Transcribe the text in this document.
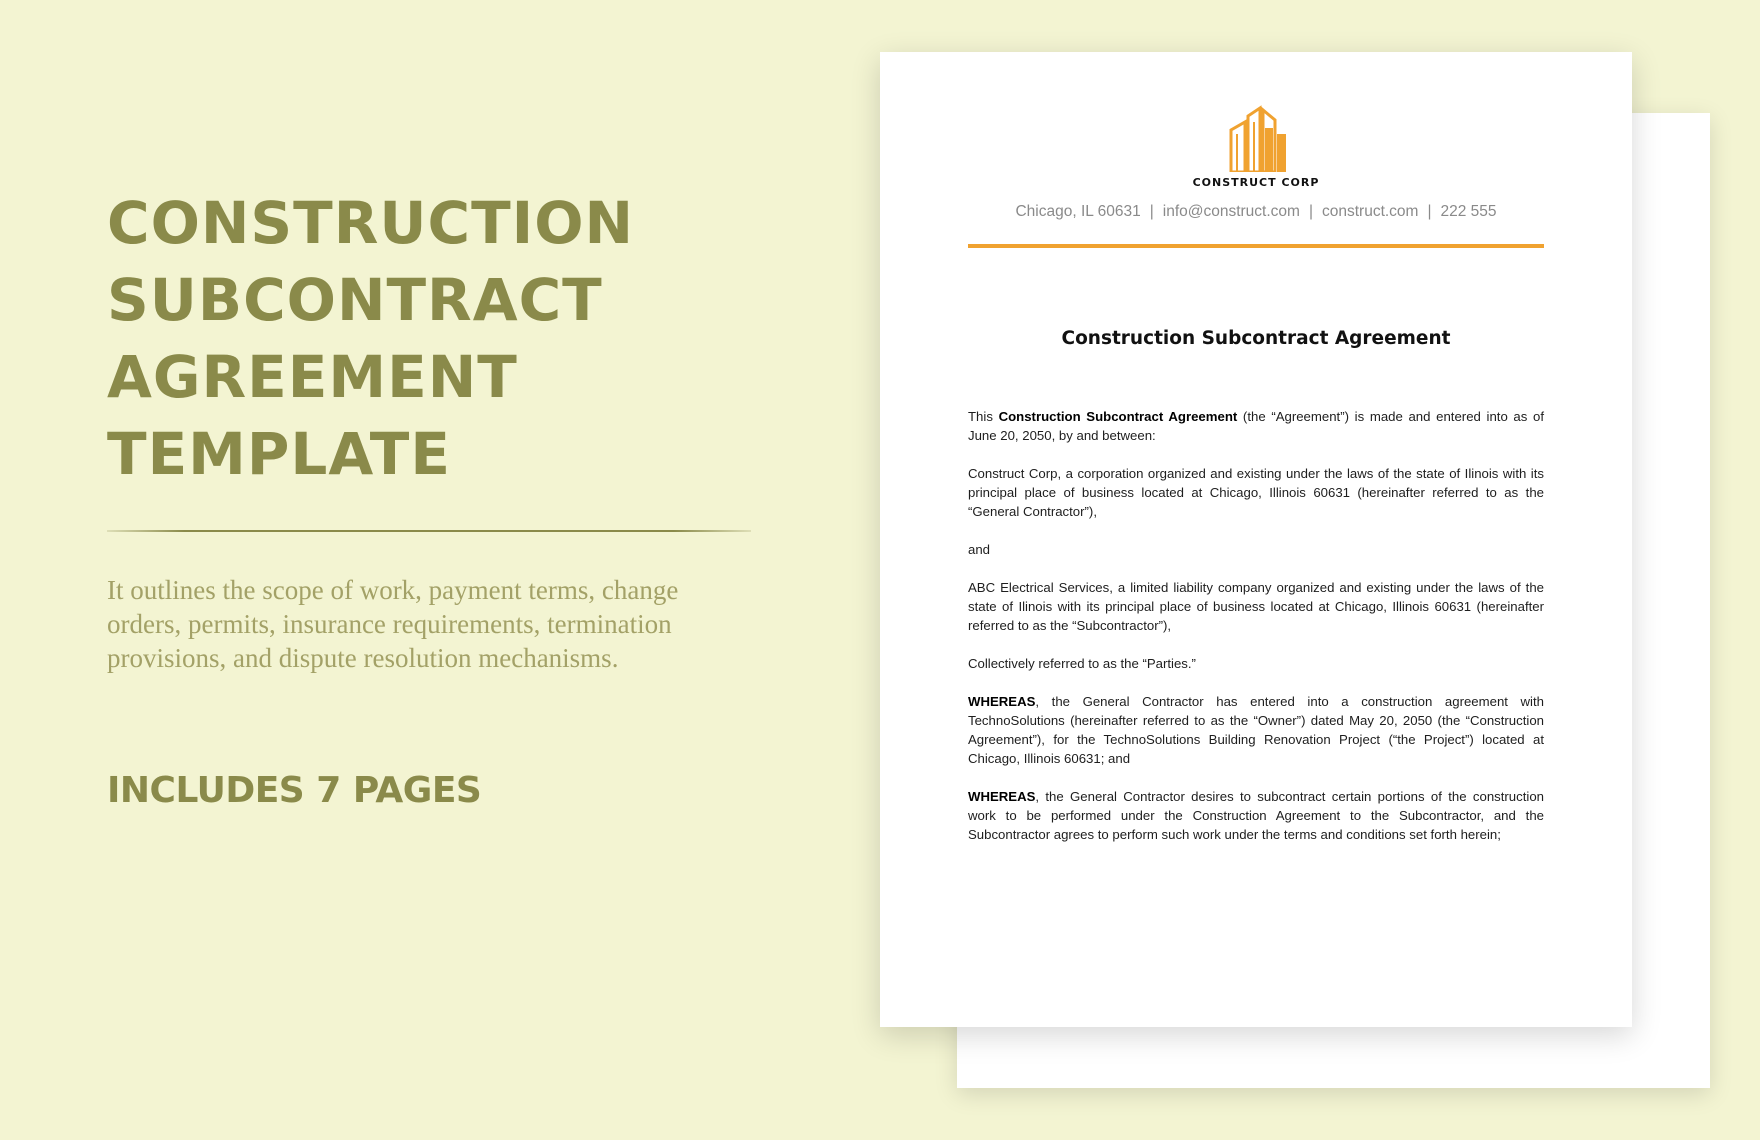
CONSTRUCTION
SUBCONTRACT
AGREEMENT
TEMPLATE

It outlines the scope of work, payment terms, change orders, permits, insurance requirements, termination provisions, and dispute resolution mechanisms.

INCLUDES 7 PAGES

CONSTRUCT CORP
Chicago, IL 60631 | info@construct.com | construct.com | 222 555
Construction Subcontract Agreement

This Construction Subcontract Agreement (the “Agreement”) is made and entered into as of June 20, 2050, by and between:

Construct Corp, a corporation organized and existing under the laws of the state of Ilinois with its principal place of business located at Chicago, Illinois 60631 (hereinafter referred to as the “General Contractor”),

and

ABC Electrical Services, a limited liability company organized and existing under the laws of the state of Ilinois with its principal place of business located at Chicago, Illinois 60631 (hereinafter referred to as the “Subcontractor”),

Collectively referred to as the “Parties.”

WHEREAS, the General Contractor has entered into a construction agreement with TechnoSolutions (hereinafter referred to as the “Owner”) dated May 20, 2050 (the “Construction Agreement”), for the TechnoSolutions Building Renovation Project (“the Project”) located at Chicago, Illinois 60631; and

WHEREAS, the General Contractor desires to subcontract certain portions of the construction work to be performed under the Construction Agreement to the Subcontractor, and the Subcontractor agrees to perform such work under the terms and conditions set forth herein;
